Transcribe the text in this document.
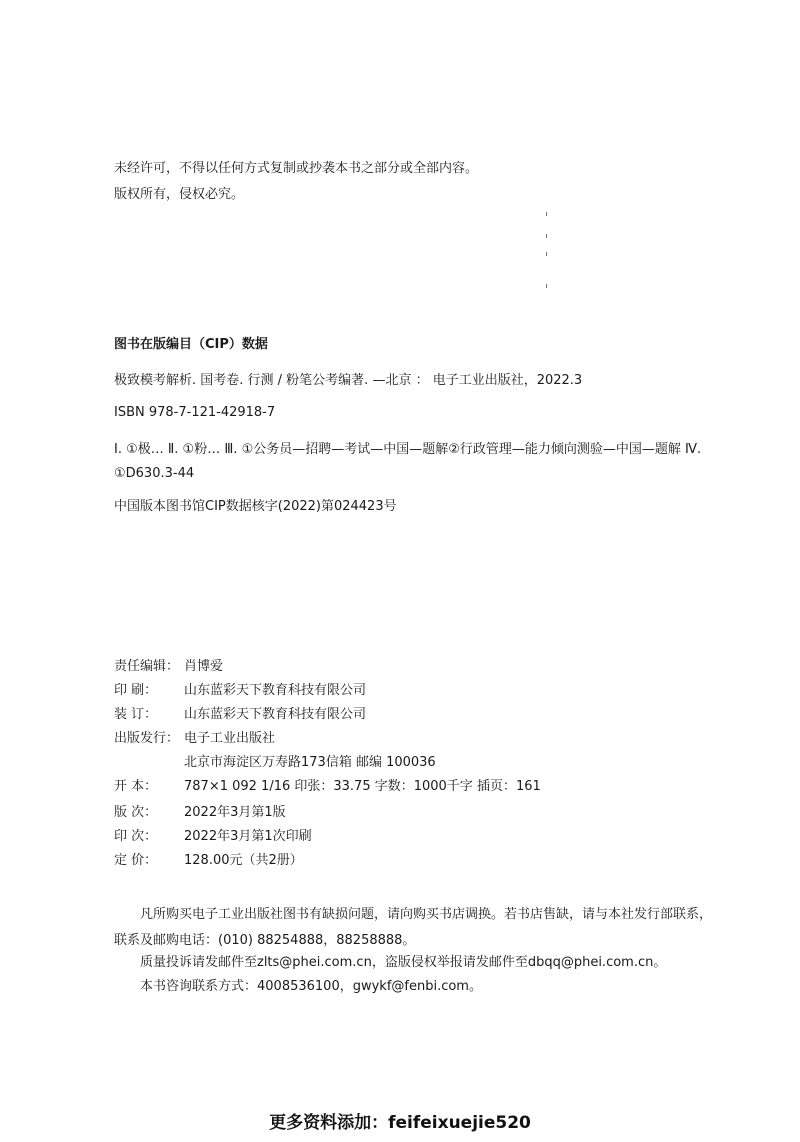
未经许可，不得以任何方式复制或抄袭本书之部分或全部内容。
版权所有，侵权必究。
图书在版编目（CIP）数据
极致模考解析. 国考卷. 行测 / 粉笔公考编著. —北京 ： 电子工业出版社，2022.3
ISBN 978-7-121-42918-7
Ⅰ. ①极… Ⅱ. ①粉… Ⅲ. ①公务员—招聘—考试—中国—题解②行政管理—能力倾向测验—中国—题解 Ⅳ. ①D630.3-44
中国版本图书馆CIP数据核字(2022)第024423号
责任编辑： 肖博爱
印 刷： 山东蓝彩天下教育科技有限公司
装 订： 山东蓝彩天下教育科技有限公司
出版发行： 电子工业出版社
北京市海淀区万寿路173信箱 邮编 100036
开 本： 787×1 092 1/16 印张：33.75 字数：1000千字 插页：161
版 次： 2022年3月第1版
印 次： 2022年3月第1次印刷
定 价： 128.00元（共2册）
凡所购买电子工业出版社图书有缺损问题，请向购买书店调换。若书店售缺，请与本社发行部联系，联系及邮购电话：(010) 88254888，88258888。
质量投诉请发邮件至zlts@phei.com.cn，盗版侵权举报请发邮件至dbqq@phei.com.cn。
本书咨询联系方式：4008536100，gwykf@fenbi.com。
更多资料添加：feifeixuejie520
